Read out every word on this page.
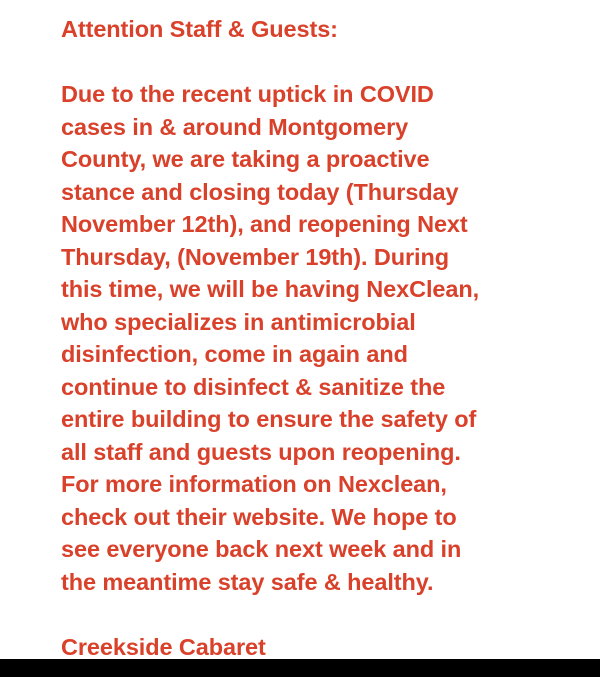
Attention Staff & Guests:
Due to the recent uptick in COVID
cases in & around Montgomery
County, we are taking a proactive
stance and closing today (Thursday
November 12th), and reopening Next
Thursday, (November 19th). During
this time, we will be having NexClean,
who specializes in antimicrobial
disinfection, come in again and
continue to disinfect & sanitize the
entire building to ensure the safety of
all staff and guests upon reopening.
For more information on Nexclean,
check out their website. We hope to
see everyone back next week and in
the meantime stay safe & healthy.
Creekside Cabaret
